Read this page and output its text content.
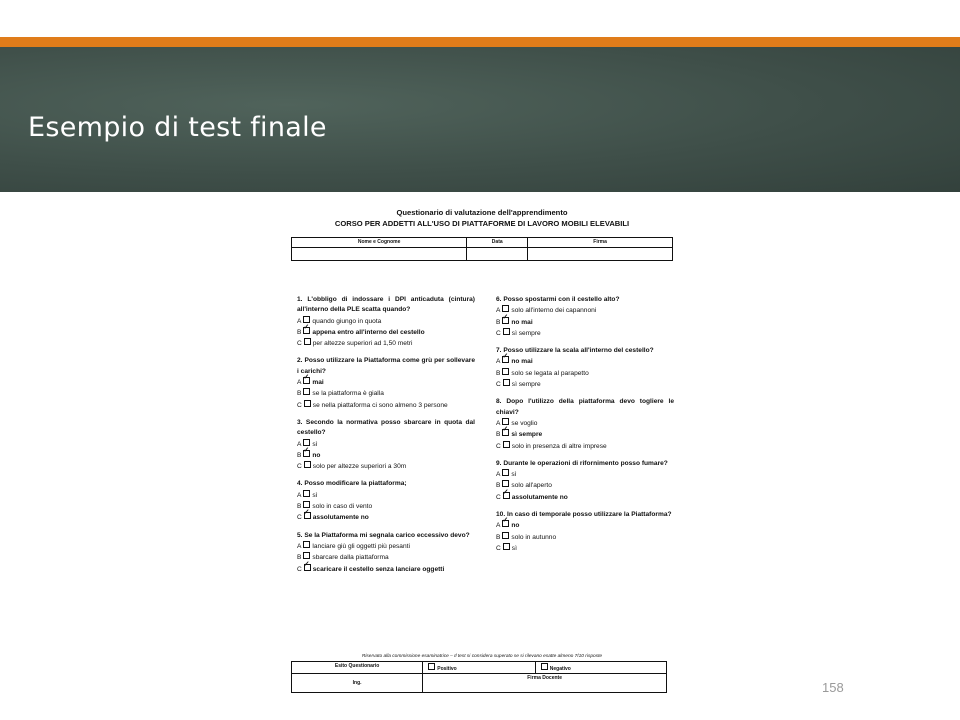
Esempio di test finale
Questionario di valutazione dell'apprendimento
CORSO PER ADDETTI ALL'USO DI PIATTAFORME DI LAVORO MOBILI ELEVABILI
Nome e Cognome	Data	Firma

1. L'obbligo di indossare i DPI anticaduta (cintura) all'interno della PLE scatta quando?
A quando giungo in quota
B ✓ appena entro all'interno del cestello
C per altezze superiori ad 1,50 metri
2. Posso utilizzare la Piattaforma come grù per sollevare i carichi?
A ✓ mai
B se la piattaforma è gialla
C se nella piattaforma ci sono almeno 3 persone
3. Secondo la normativa posso sbarcare in quota dal cestello?
A sì
B ✓ no
C solo per altezze superiori a 30m
4. Posso modificare la piattaforma;
A sì
B solo in caso di vento
C ✓ assolutamente no
5. Se la Piattaforma mi segnala carico eccessivo devo?
A lanciare giù gli oggetti più pesanti
B sbarcare dalla piattaforma
C ✓ scaricare il cestello senza lanciare oggetti
6. Posso spostarmi con il cestello alto?
A solo all'interno dei capannoni
B ✓ no mai
C sì sempre
7. Posso utilizzare la scala all'interno del cestello?
A ✓ no mai
B solo se legata al parapetto
C sì sempre
8. Dopo l'utilizzo della piattaforma devo togliere le chiavi?
A se voglio
B ✓ sì sempre
C solo in presenza di altre imprese
9. Durante le operazioni di rifornimento posso fumare?
A sì
B solo all'aperto
C ✓ assolutamente no
10. In caso di temporale posso utilizzare la Piattaforma?
A ✓ no
B solo in autunno
C sì
Riservato alla commissione esaminatrice – Il test si considera superato se si rilevano esatte almeno 7/10 risposte
Esito Questionario	Positivo	Negativo
Ing.	Firma Docente	
158
